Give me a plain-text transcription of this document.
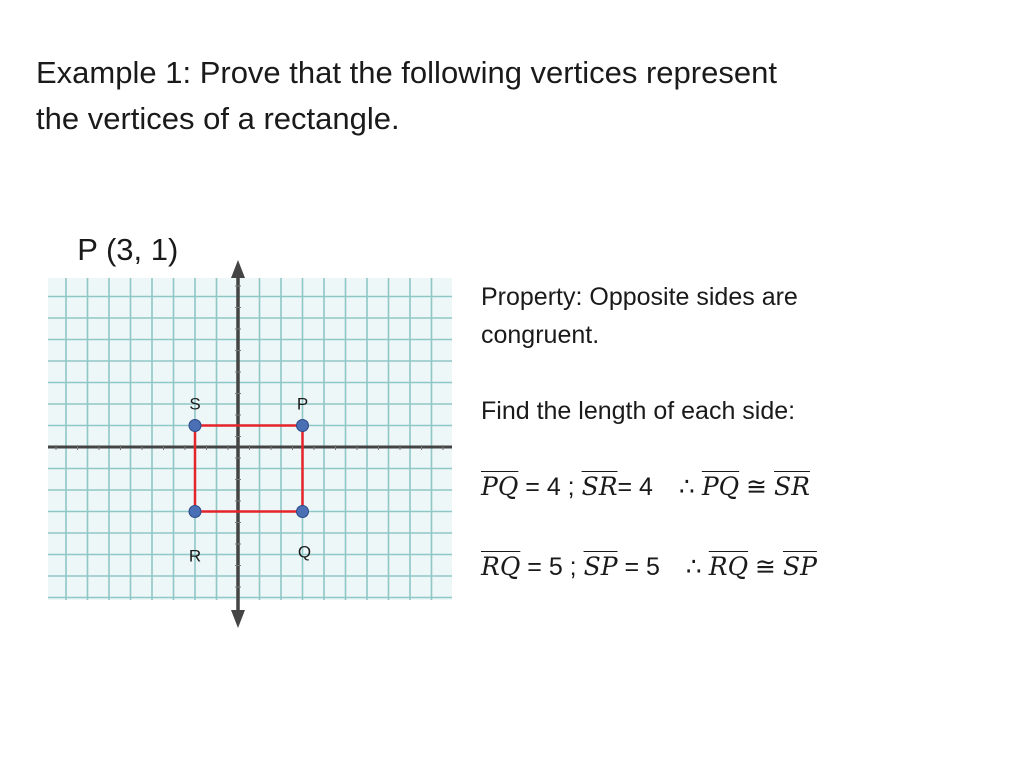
Example 1: Prove that the following vertices represent
the vertices of a rectangle.

P (3, 1)

P
Q
R
S

Property: Opposite sides are

congruent.

Find the length of each side:

$\overline{PQ} = 4$ ; $\overline{SR}= 4$ ∴ $\overline{PQ}$ ≅ $\overline{SR}$

$\overline{RQ} = 5$ ; $\overline{SP} = 5$ ∴ $\overline{RQ}$ ≅ $\overline{SP}$
